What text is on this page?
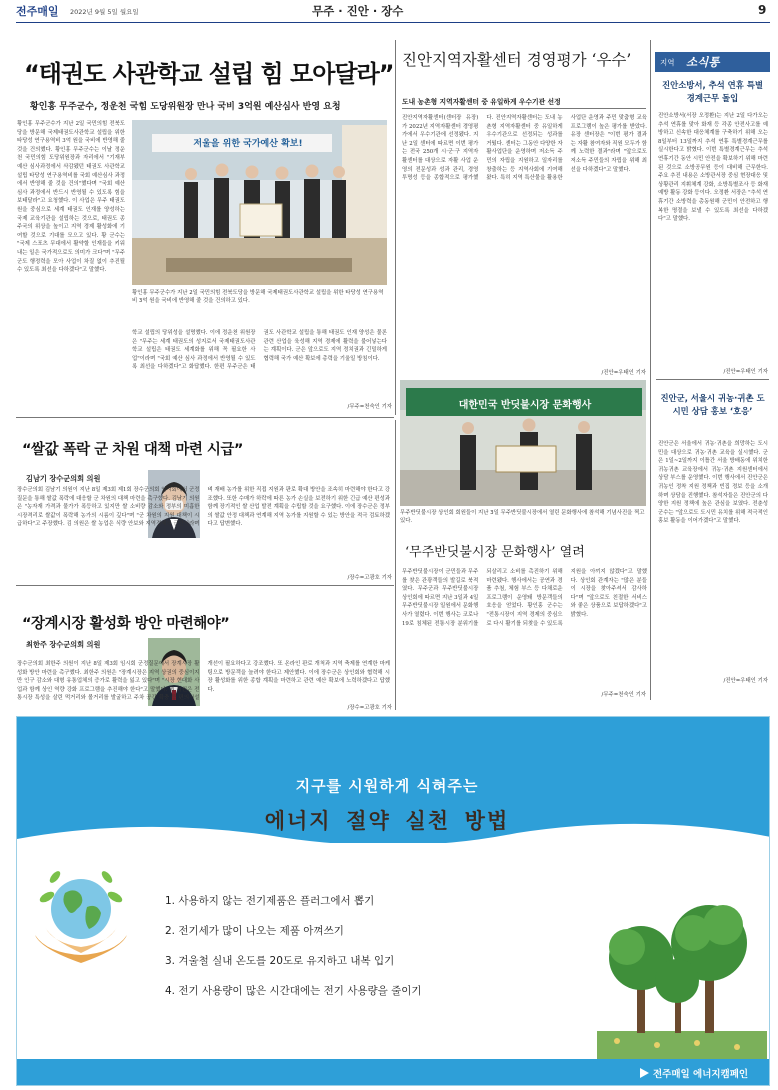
전주매일 2022년 9월 5일 월요일	무주 · 진안 · 장수	9
“태권도 사관학교 설립 힘 모아달라”
황인홍 무주군수, 정운천 국힘 도당위원장 만나 국비 3억원 예산심사 반영 요청
황인홍 무주군수가 지난 2일 국민의힘 전북도당을 방문해 국제태권도사관학교 설립을 위한 타당성 연구용역비 3억 원을 국비에 반영해 줄 것을 건의했다. 황인홍 무주군수는 이날 정운천 국민의힘 도당위원장과 자리에서 "기재부 예산 심사과정에서 삭감됐던 태권도 사관학교 설립 타당성 연구용역비를 국회 예산심사 과정에서 반영해 줄 것을 건의"했다며 "국회 예산심사 과정에서 반드시 반영될 수 있도록 힘을 보태달라"고 요청했다. 이 사업은 무주 태권도원을 중심으로 세계 태권도 인재를 양성하는 국제 교육기관을 설립하는 것으로, 태권도 종주국의 위상을 높이고 지역 경제 활성화에 기여할 것으로 기대를 모으고 있다. 황 군수는 "국제 스포츠 무대에서 활약할 인재들을 키워내는 일은 국가적으로도 의미가 크다"며 "무주군도 행정력을 모아 사업이 차질 없이 추진될 수 있도록 최선을 다하겠다"고 말했다.
저울을 위한 국가예산 확보!
황인홍 무주군수가 지난 2일 국민의힘 전북도당을 방문해 국제태권도사관학교 설립을 위한 타당성 연구용역비 3억 원을 국비에 반영해 줄 것을 건의하고 있다.
학교 설립의 당위성을 설명했다. 이에 정운천 위원장은 "무주는 세계 태권도의 성지로서 국제태권도사관학교 설립은 태권도 세계화를 위해 꼭 필요한 사업"이라며 "국회 예산 심사 과정에서 반영될 수 있도록 최선을 다하겠다"고 화답했다. 한편 무주군은 태권도 사관학교 설립을 통해 태권도 인재 양성은 물론 관련 산업을 육성해 지역 경제에 활력을 불어넣는다는 계획이다. 군은 앞으로도 지역 정치권과 긴밀하게 협력해 국가 예산 확보에 총력을 기울일 방침이다.
/무주=천숙인 기자
진안지역자활센터 경영평가 ‘우수’
도내 농촌형 지역자활센터 중 유일하게 우수기관 선정
진안지역자활센터(센터장 유장)가 2022년 지역자활센터 경영평가에서 우수기관에 선정됐다. 지난 2일 센터에 따르면 이번 평가는 전국 250개 시·군·구 지역자활센터를 대상으로 자활 사업 운영의 전문성과 성과 관리, 경영 투명성 등을 종합적으로 평가했다. 진안지역자활센터는 도내 농촌형 지역자활센터 중 유일하게 우수기관으로 선정되는 성과를 거뒀다. 센터는 그동안 다양한 자활사업단을 운영하며 저소득 주민의 자립을 지원하고 일자리를 창출하는 등 지역사회에 기여해왔다. 특히 지역 특산물을 활용한 사업단 운영과 주민 맞춤형 교육 프로그램이 높은 평가를 받았다. 유장 센터장은 "이번 평가 결과는 자활 참여자와 직원 모두가 함께 노력한 결과"라며 "앞으로도 저소득 주민들의 자립을 위해 최선을 다하겠다"고 말했다.
/진안=우태인 기자
지역 소식통
진안소방서, 추석 연휴 특별경계근무 돌입
진안소방서(서장 오정환)는 지난 2일 다가오는 추석 연휴를 맞아 화재 등 각종 안전사고를 예방하고 신속한 대응체계를 구축하기 위해 오는 8일부터 13일까지 추석 연휴 특별경계근무를 실시한다고 밝혔다. 이번 특별경계근무는 추석 연휴기간 동안 시민 안전을 확보하기 위해 마련된 것으로 소방공무원 등이 대비해 근무한다. 주요 추진 내용은 소방관서장 중심 현장대응 및 상황관리 지휘체계 강화, 소방특별조사 등 화재 예방 활동 강화 등이다. 오정환 서장은 "추석 연휴기간 소방력을 총동원해 군민이 안전하고 행복한 명절을 보낼 수 있도록 최선을 다하겠다"고 말했다.
/진안=우태인 기자
진안군, 서울시 귀농·귀촌 도시민 상담 홍보 ‘호응’
진안군은 서울에서 귀농·귀촌을 희망하는 도시민을 대상으로 귀농·귀촌 교육을 실시했다. 군은 1일~2일까지 이틀간 서울 방배동에 위치한 귀농귀촌 교육장에서 귀농·귀촌 지원센터에서 상담 부스를 운영했다. 이번 행사에서 진안군은 귀농인 정착 지원 정책과 빈집 정보 등을 소개하며 상담을 진행했다. 참석자들은 진안군의 다양한 지원 정책에 높은 관심을 보였다. 전춘성 군수는 "앞으로도 도시민 유치를 위해 적극적인 홍보 활동을 이어가겠다"고 말했다.
/진안=우태인 기자
“쌀값 폭락 군 차원 대책 마련 시급”
김남기 장수군의회 의원
장수군의회 김남기 의원이 지난 8일 제3회 제1회 장수군의회 임시회에서 군정질문을 통해 쌀값 폭락에 대응할 군 차원의 대책 마련을 촉구했다. 김남기 의원은 "농자재 가격과 물가가 폭등하고 있지만 쌀 소비량 감소와 정부의 미흡한 시장격리로 쌀값이 폭락해 농가의 시름이 깊다"며 "군 차원의 지원 대책이 시급하다"고 주장했다. 김 의원은 쌀 농업은 식량 안보와 지역경제의 근간이라며 벼 재배 농가를 위한 직접 지원과 판로 확대 방안을 조속히 마련해야 한다고 강조했다. 또한 수매가 하락에 따른 농가 손실을 보전하기 위한 긴급 예산 편성과 함께 장기적인 쌀 산업 발전 계획을 수립할 것을 요구했다. 이에 장수군은 정부의 쌀값 안정 대책과 연계해 지역 농가를 지원할 수 있는 방안을 적극 검토하겠다고 답변했다.
/장수=고광호 기자
“장계시장 활성화 방안 마련해야”
최한주 장수군의회 의원
장수군의회 최한주 의원이 지난 8일 제3회 임시회 군정질문에서 장계시장 활성화 방안 마련을 촉구했다. 최한주 의원은 "장계시장은 지역 상권의 중심이지만 인구 감소와 대형 유통업체의 증가로 활력을 잃고 있다"며 "시장 현대화 사업과 함께 상인 역량 강화 프로그램을 추진해야 한다"고 말했다. 최 의원은 전통시장 특성을 살린 먹거리와 볼거리를 발굴하고 주차 공간 확충 등 편의시설 개선이 필요하다고 강조했다. 또 온라인 판로 개척과 지역 축제를 연계한 마케팅으로 방문객을 늘려야 한다고 제안했다. 이에 장수군은 상인회와 협력해 시장 활성화를 위한 종합 계획을 마련하고 관련 예산 확보에 노력하겠다고 답했다.
/장수=고광호 기자
대한민국 반딧불시장 문화행사
무주반딧불시장 상인회 회원들이 지난 3일 무주반딧불시장에서 열린 문화행사에 참석해 기념사진을 찍고 있다.
‘무주반딧불시장 문화행사’ 열려
무주반딧불시장이 군민들과 무주를 찾은 관광객들의 발길로 북적였다. 무주군과 무주반딧불시장 상인회에 따르면 지난 3일과 4일 무주반딧불시장 일원에서 문화행사가 열렸다. 이번 행사는 코로나19로 침체된 전통시장 분위기를 되살리고 소비를 촉진하기 위해 마련됐다. 행사에서는 공연과 경품 추첨, 체험 부스 등 다채로운 프로그램이 운영돼 방문객들의 호응을 얻었다. 황인홍 군수는 "전통시장이 지역 경제의 중심으로 다시 활기를 되찾을 수 있도록 지원을 아끼지 않겠다"고 말했다. 상인회 관계자는 "많은 분들이 시장을 찾아주셔서 감사하다"며 "앞으로도 친절한 서비스와 좋은 상품으로 보답하겠다"고 밝혔다.
/무주=천숙인 기자
지구를 시원하게 식혀주는
에너지 절약 실천 방법
1. 사용하지 않는 전기제품은 플러그에서 뽑기
2. 전기세가 많이 나오는 제품 아껴쓰기
3. 겨울철 실내 온도를 20도로 유지하고 내복 입기
4. 전기 사용량이 많은 시간대에는 전기 사용량을 줄이기
전주매일 에너지캠페인
